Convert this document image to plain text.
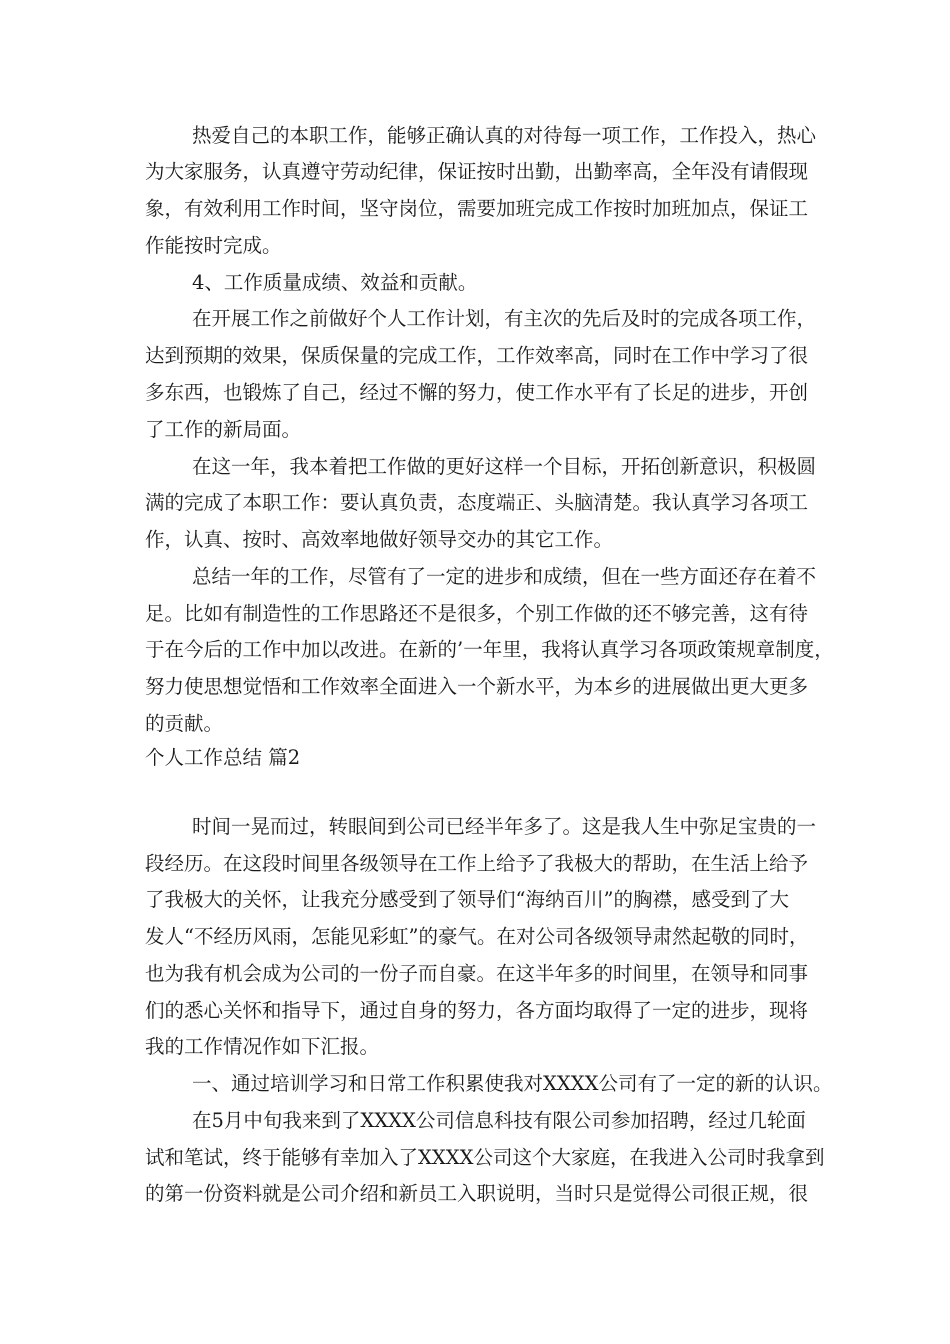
热爱自己的本职工作，能够正确认真的对待每一项工作，工作投入，热心
为大家服务，认真遵守劳动纪律，保证按时出勤，出勤率高，全年没有请假现
象，有效利用工作时间，坚守岗位，需要加班完成工作按时加班加点，保证工
作能按时完成。
4、工作质量成绩、效益和贡献。
在开展工作之前做好个人工作计划，有主次的先后及时的完成各项工作，
达到预期的效果，保质保量的完成工作，工作效率高，同时在工作中学习了很
多东西，也锻炼了自己，经过不懈的努力，使工作水平有了长足的进步，开创
了工作的新局面。
在这一年，我本着把工作做的更好这样一个目标，开拓创新意识，积极圆
满的完成了本职工作：要认真负责，态度端正、头脑清楚。我认真学习各项工
作，认真、按时、高效率地做好领导交办的其它工作。
总结一年的工作，尽管有了一定的进步和成绩，但在一些方面还存在着不
足。比如有制造性的工作思路还不是很多，个别工作做的还不够完善，这有待
于在今后的工作中加以改进。在新的’一年里，我将认真学习各项政策规章制度，
努力使思想觉悟和工作效率全面进入一个新水平，为本乡的进展做出更大更多
的贡献。
个人工作总结 篇2
时间一晃而过，转眼间到公司已经半年多了。这是我人生中弥足宝贵的一
段经历。在这段时间里各级领导在工作上给予了我极大的帮助，在生活上给予
了我极大的关怀，让我充分感受到了领导们“海纳百川”的胸襟，感受到了大
发人“不经历风雨，怎能见彩虹”的豪气。在对公司各级领导肃然起敬的同时，
也为我有机会成为公司的一份子而自豪。在这半年多的时间里，在领导和同事
们的悉心关怀和指导下，通过自身的努力，各方面均取得了一定的进步，现将
我的工作情况作如下汇报。
一、通过培训学习和日常工作积累使我对XXXX公司有了一定的新的认识。
在5月中旬我来到了XXXX公司信息科技有限公司参加招聘，经过几轮面
试和笔试，终于能够有幸加入了XXXX公司这个大家庭，在我进入公司时我拿到
的第一份资料就是公司介绍和新员工入职说明，当时只是觉得公司很正规，很
